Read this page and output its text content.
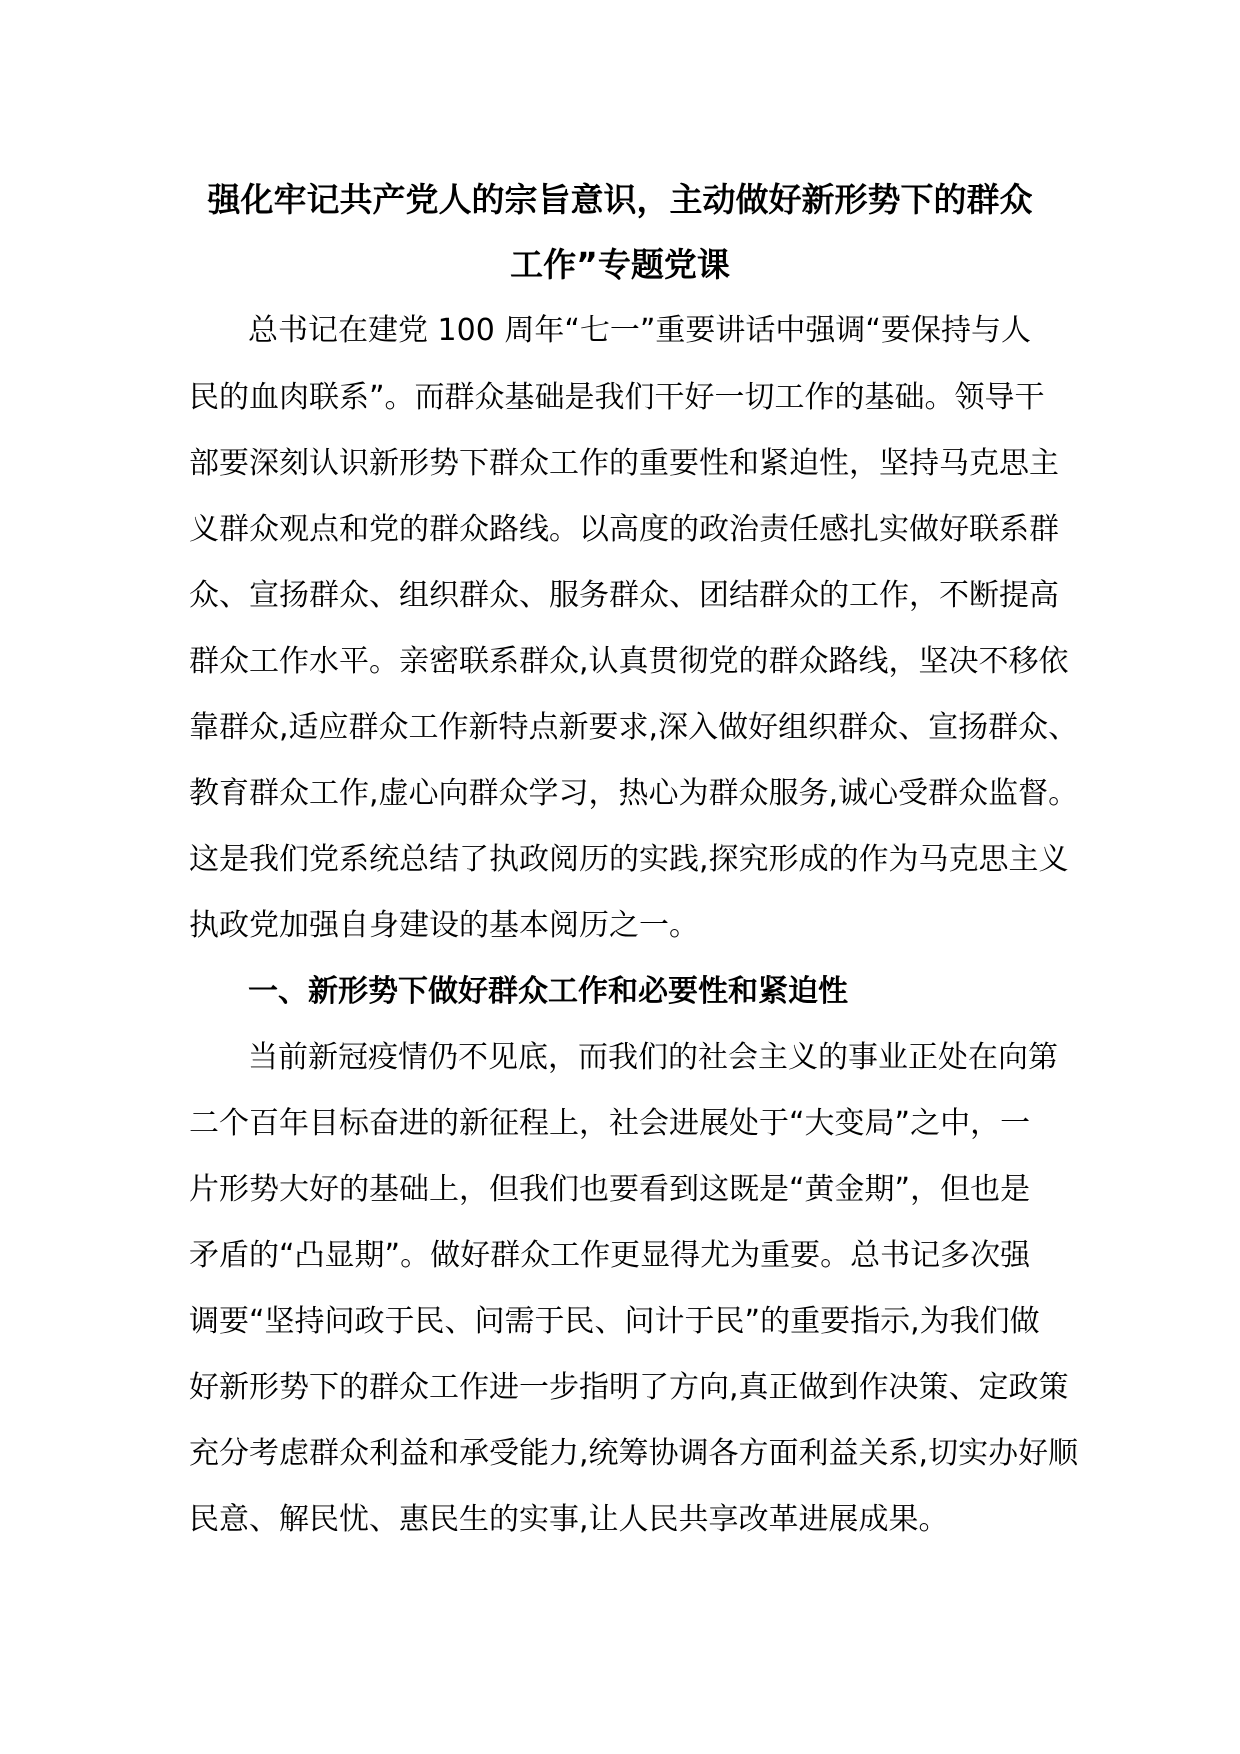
强化牢记共产党人的宗旨意识，主动做好新形势下的群众
工作”专题党课
总书记在建党 100 周年“七一”重要讲话中强调“要保持与人
民的血肉联系”。而群众基础是我们干好一切工作的基础。领导干
部要深刻认识新形势下群众工作的重要性和紧迫性，坚持马克思主
义群众观点和党的群众路线。以高度的政治责任感扎实做好联系群
众、宣扬群众、组织群众、服务群众、团结群众的工作，不断提高
群众工作水平。亲密联系群众,认真贯彻党的群众路线，坚决不移依
靠群众,适应群众工作新特点新要求,深入做好组织群众、宣扬群众、
教育群众工作,虚心向群众学习，热心为群众服务,诚心受群众监督。
这是我们党系统总结了执政阅历的实践,探究形成的作为马克思主义
执政党加强自身建设的基本阅历之一。
一、新形势下做好群众工作和必要性和紧迫性
当前新冠疫情仍不见底，而我们的社会主义的事业正处在向第
二个百年目标奋进的新征程上，社会进展处于“大变局”之中，一
片形势大好的基础上，但我们也要看到这既是“黄金期”，但也是
矛盾的“凸显期”。做好群众工作更显得尤为重要。总书记多次强
调要“坚持问政于民、问需于民、问计于民”的重要指示,为我们做
好新形势下的群众工作进一步指明了方向,真正做到作决策、定政策
充分考虑群众利益和承受能力,统筹协调各方面利益关系,切实办好顺
民意、解民忧、惠民生的实事,让人民共享改革进展成果。
